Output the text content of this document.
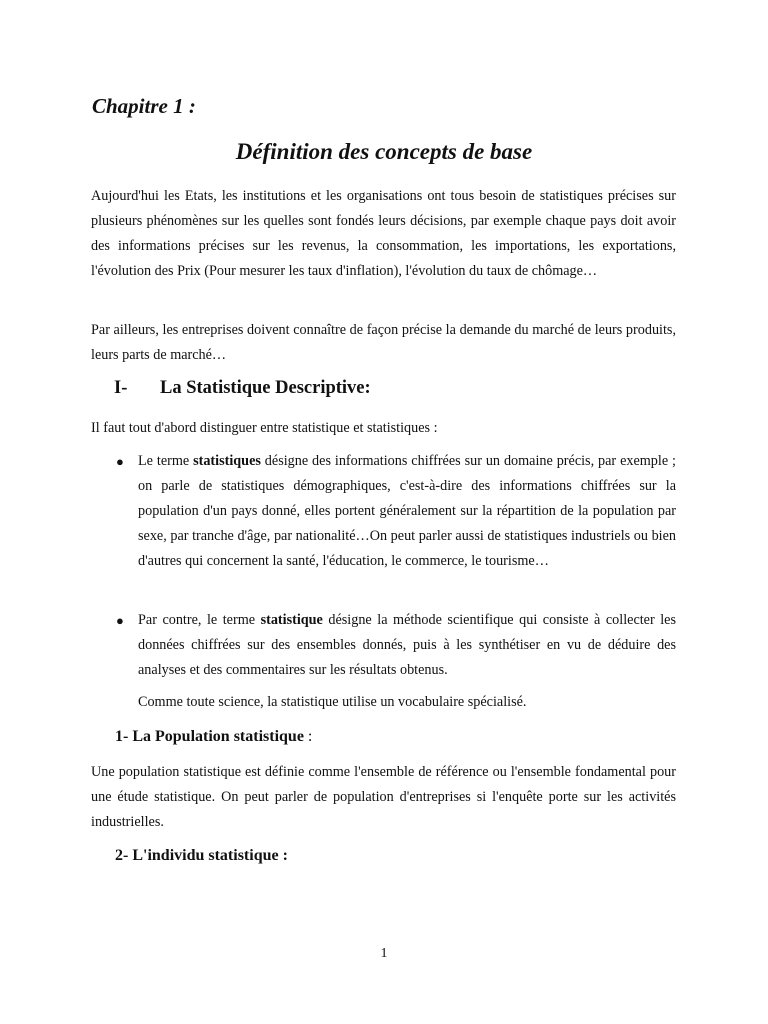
Chapitre 1 :
Définition des concepts de base

Aujourd'hui les Etats, les institutions et les organisations ont tous besoin de statistiques précises sur plusieurs phénomènes sur les quelles sont fondés leurs décisions, par exemple chaque pays doit avoir des informations précises sur les revenus, la consommation, les importations, les exportations, l'évolution des Prix (Pour mesurer les taux d'inflation), l'évolution du taux de chômage…

Par ailleurs, les entreprises doivent connaître de façon précise la demande du marché de leurs produits, leurs parts de marché…

I- La Statistique Descriptive:

Il faut tout d'abord distinguer entre statistique et statistiques :

● Le terme statistiques désigne des informations chiffrées sur un domaine précis, par exemple ; on parle de statistiques démographiques, c'est-à-dire des informations chiffrées sur la population d'un pays donné, elles portent généralement sur la répartition de la population par sexe, par tranche d'âge, par nationalité…On peut parler aussi de statistiques industriels ou bien d'autres qui concernent la santé, l'éducation, le commerce, le tourisme…

● Par contre, le terme statistique désigne la méthode scientifique qui consiste à collecter les données chiffrées sur des ensembles donnés, puis à les synthétiser en vu de déduire des analyses et des commentaires sur les résultats obtenus.

Comme toute science, la statistique utilise un vocabulaire spécialisé.

1- La Population statistique :

Une population statistique est définie comme l'ensemble de référence ou l'ensemble fondamental pour une étude statistique. On peut parler de population d'entreprises si l'enquête porte sur les activités industrielles.

2- L'individu statistique :
1
